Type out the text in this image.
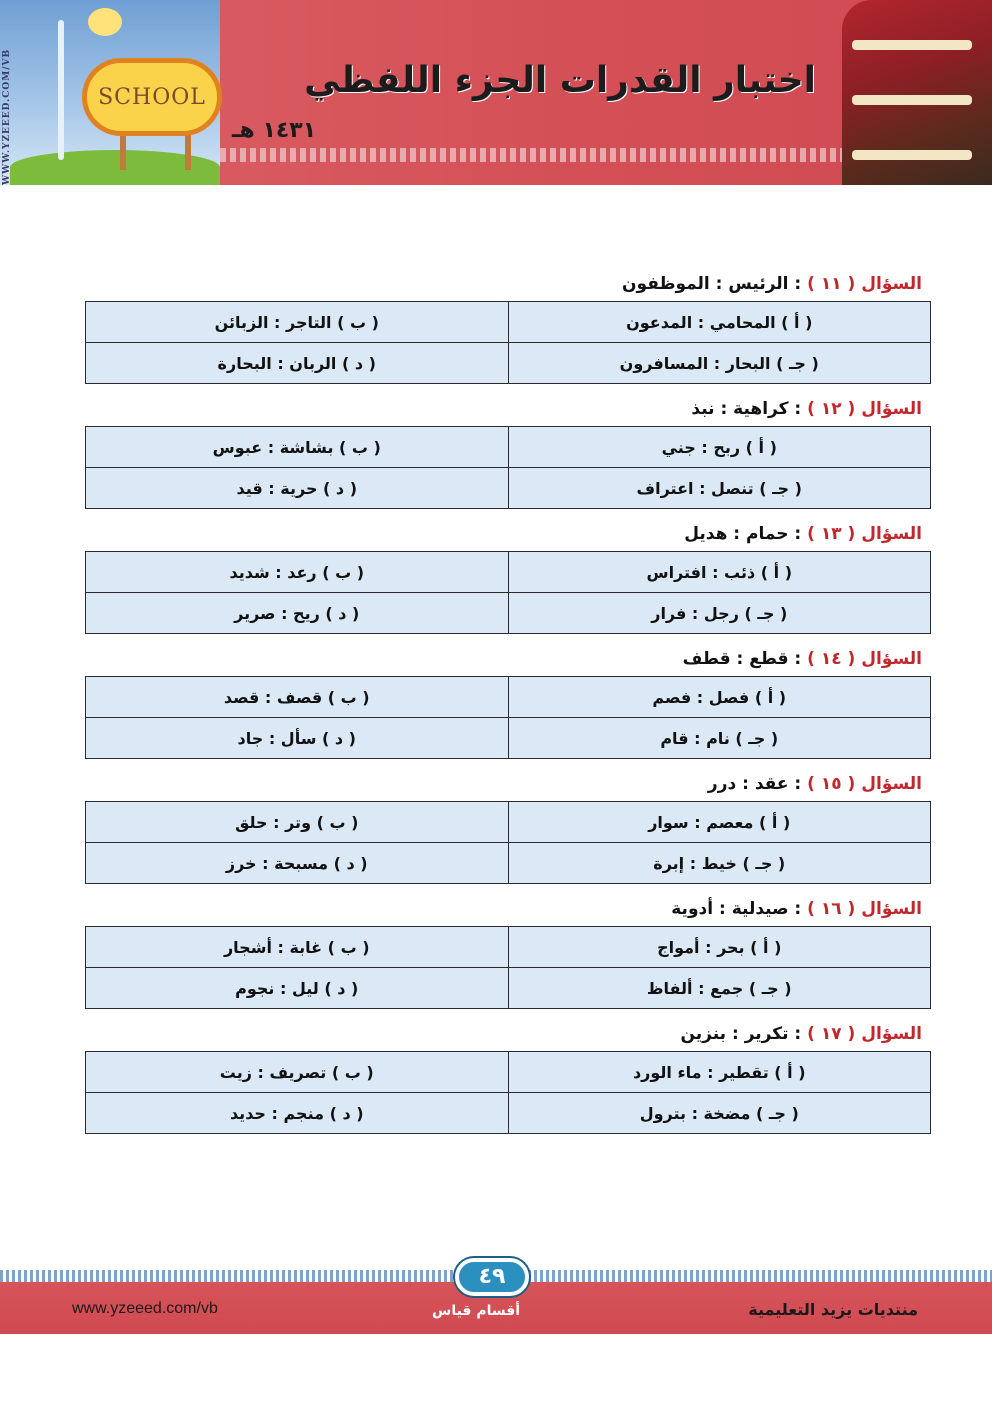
SCHOOL	اختبار القدرات الجزء اللفظي
١٤٣١ هـ
WWW.YZEEED.COM/VB
السؤال ( ١١ ) : الرئيس : الموظفون
( أ ) المحامي : المدعون	( ب ) التاجر : الزبائن
( جـ ) البحار : المسافرون	( د ) الربان : البحارة
السؤال ( ١٢ ) : كراهية : نبذ
( أ ) ربح : جني	( ب ) بشاشة : عبوس
( جـ ) تنصل : اعتراف	( د ) حرية : قيد
السؤال ( ١٣ ) : حمام : هديل
( أ ) ذئب : افتراس	( ب ) رعد : شديد
( جـ ) رجل : فرار	( د ) ريح : صرير
السؤال ( ١٤ ) : قطع : قطف
( أ ) فصل : فصم	( ب ) قصف : قصد
( جـ ) نام : قام	( د ) سأل : جاد
السؤال ( ١٥ ) : عقد : درر
( أ ) معصم : سوار	( ب ) وتر : حلق
( جـ ) خيط : إبرة	( د ) مسبحة : خرز
السؤال ( ١٦ ) : صيدلية : أدوية
( أ ) بحر : أمواج	( ب ) غابة : أشجار
( جـ ) جمع : ألفاظ	( د ) ليل : نجوم
السؤال ( ١٧ ) : تكرير : بنزين
( أ ) تقطير : ماء الورد	( ب ) تصريف : زيت
( جـ ) مضخة : بترول	( د ) منجم : حديد
٤٩
www.yzeeed.com/vb	أقسام قياس	منتديات يزيد التعليمية
